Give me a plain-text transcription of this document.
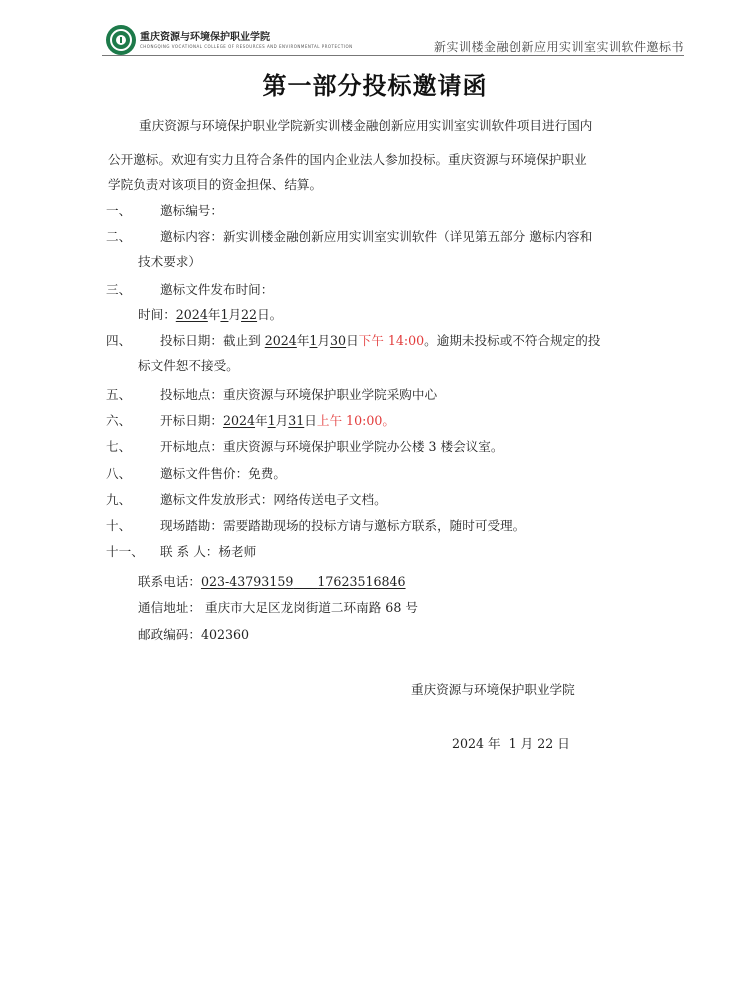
重庆资源与环境保护职业学院
CHONGQING VOCATIONAL COLLEGE OF RESOURCES AND ENVIRONMENTAL PROTECTION	新实训楼金融创新应用实训室实训软件邀标书
第一部分投标邀请函
重庆资源与环境保护职业学院新实训楼金融创新应用实训室实训软件项目进行国内
公开邀标。欢迎有实力且符合条件的国内企业法人参加投标。重庆资源与环境保护职业
学院负责对该项目的资金担保、结算。
一、 邀标编号：
二、 邀标内容：新实训楼金融创新应用实训室实训软件（详见第五部分 邀标内容和
技术要求）
三、 邀标文件发布时间：
时间：2024年1月22日。
四、 投标日期：截止到 2024年1月30日下午 14:00。逾期未投标或不符合规定的投
标文件恕不接受。
五、 投标地点：重庆资源与环境保护职业学院采购中心
六、 开标日期：2024年1月31日上午 10:00。
七、 开标地点：重庆资源与环境保护职业学院办公楼 3 楼会议室。
八、 邀标文件售价：免费。
九、 邀标文件发放形式：网络传送电子文档。
十、 现场踏勘：需要踏勘现场的投标方请与邀标方联系，随时可受理。
十一、 联 系 人：杨老师
联系电话：023-43793159 17623516846
通信地址： 重庆市大足区龙岗街道二环南路 68 号
邮政编码：402360
重庆资源与环境保护职业学院
2024 年  1 月 22 日
